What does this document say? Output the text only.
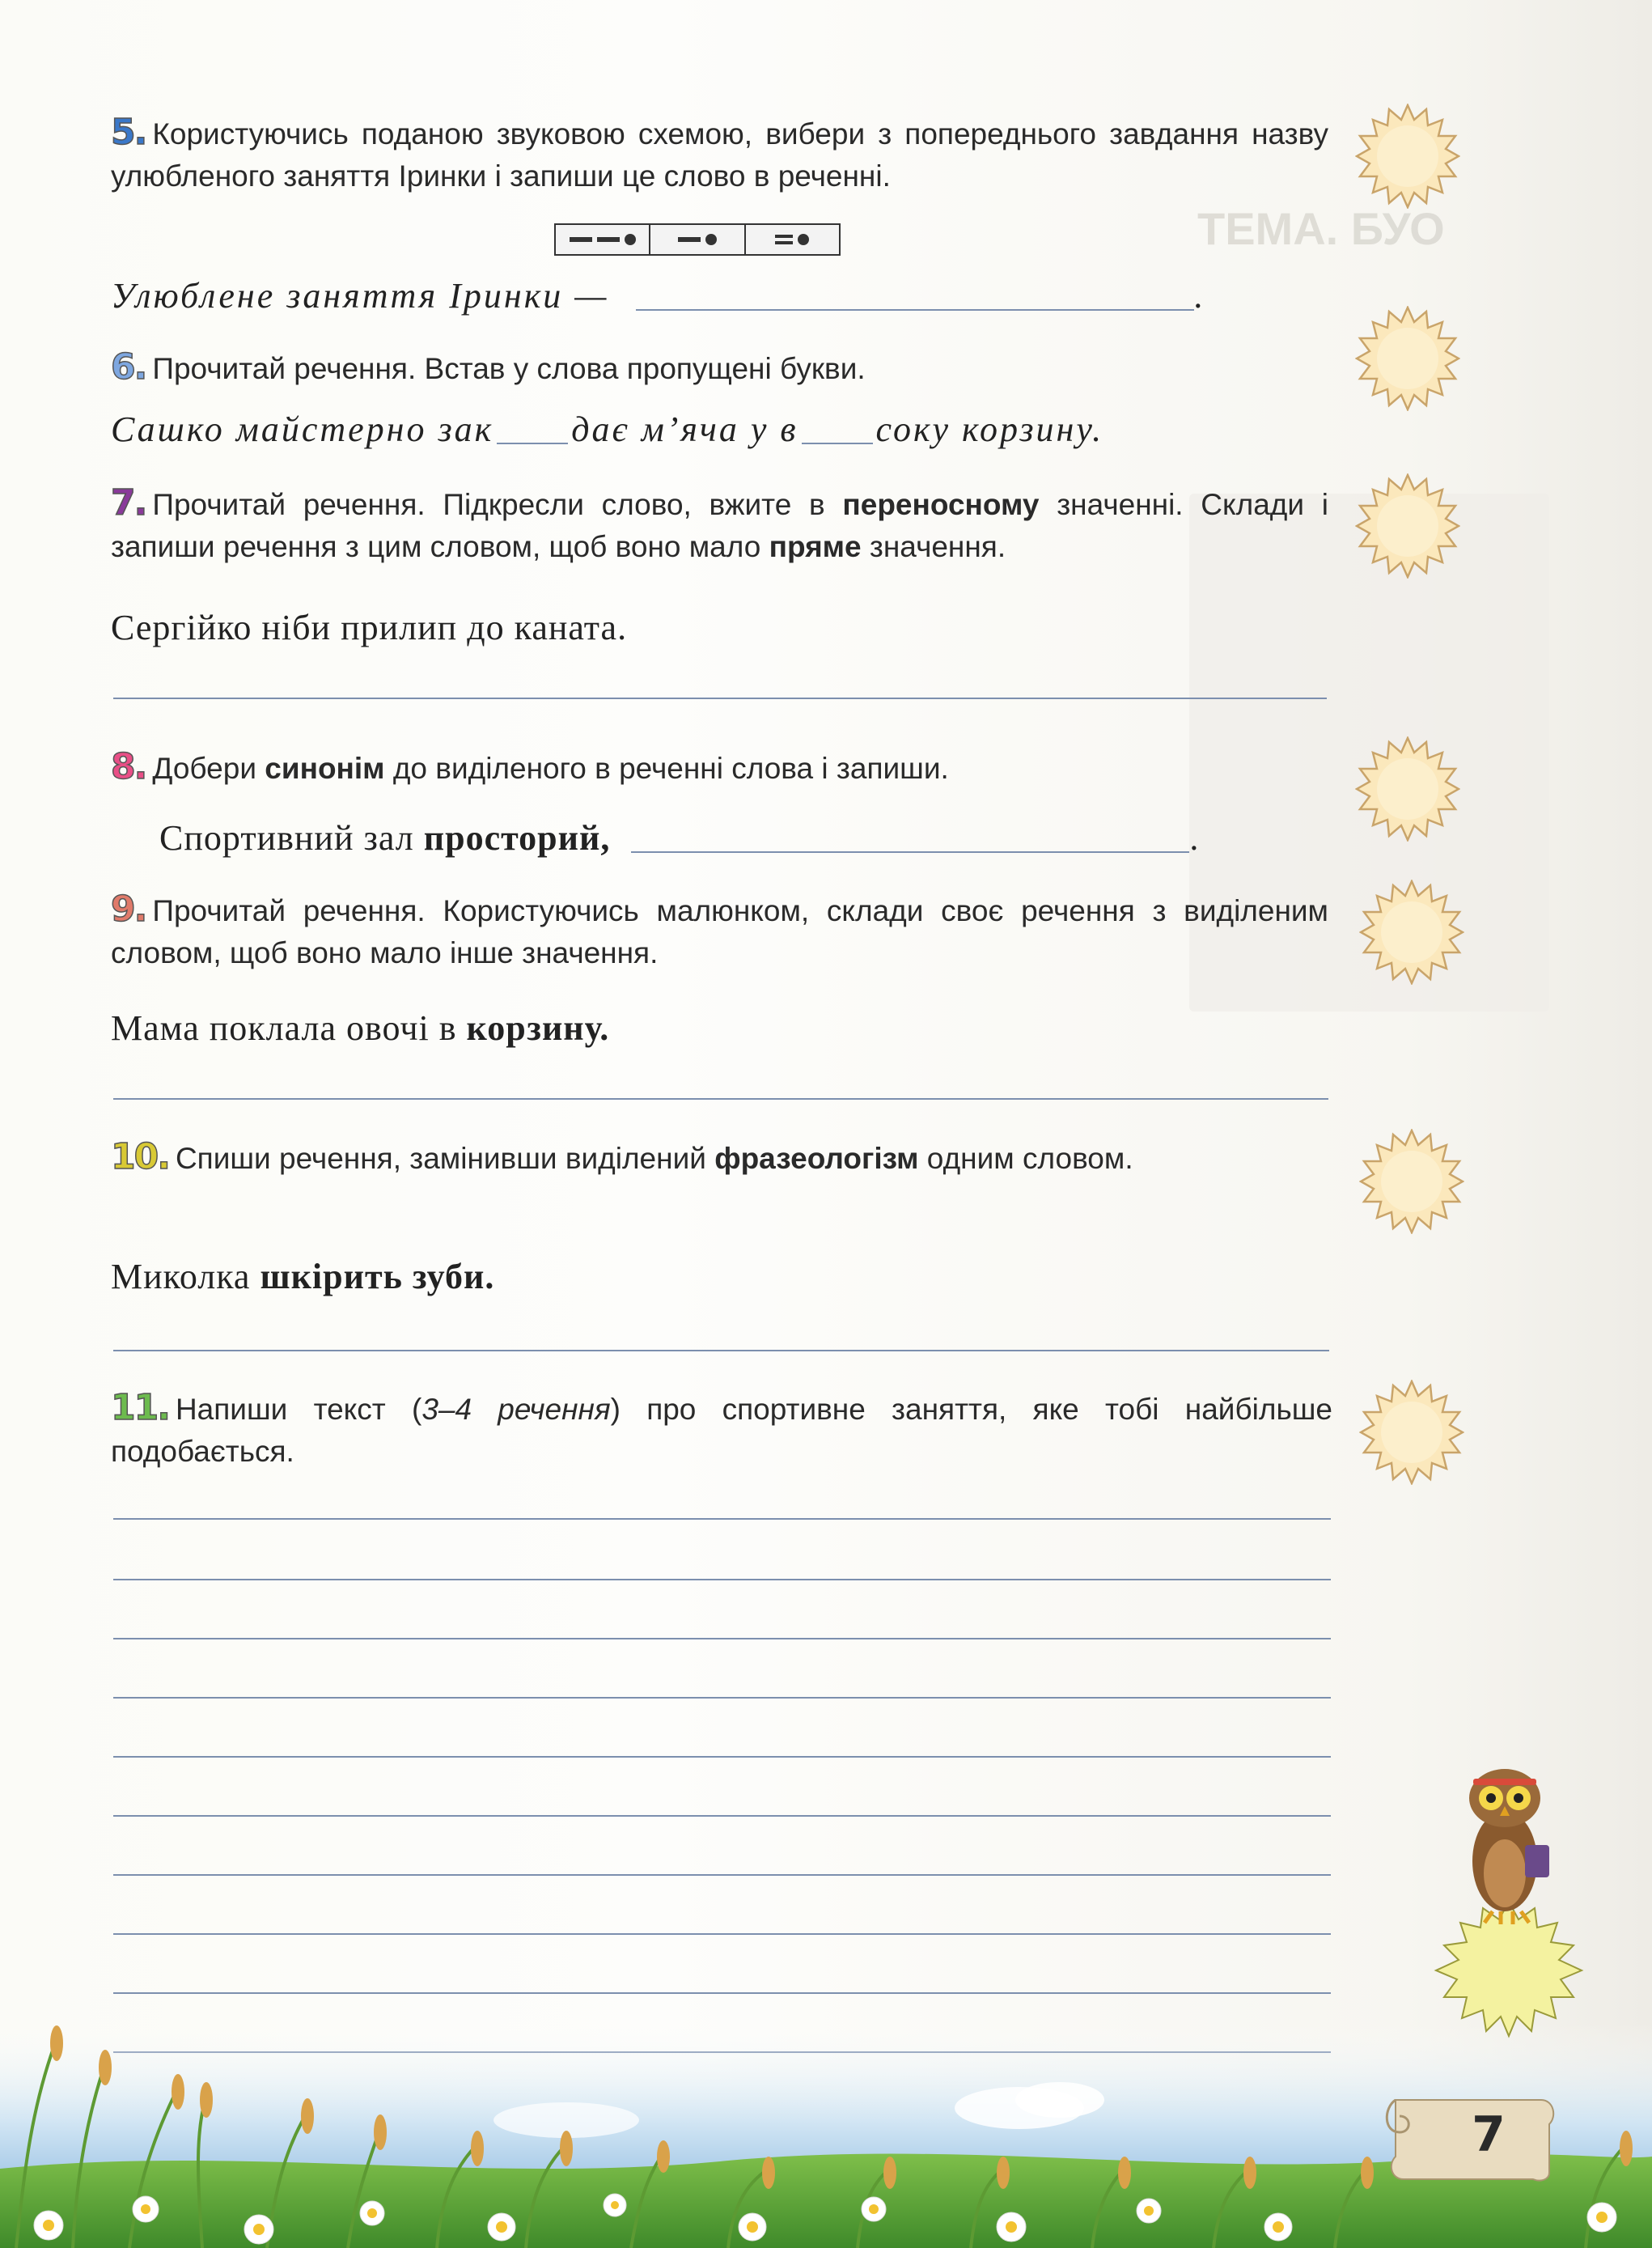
ТЕМА. БУО
5. Користуючись поданою звуковою схемою, вибери з попереднього завдання назву улюбленого заняття Іринки і запиши це слово в реченні.
Улюблене заняття Іринки —	.
6. Прочитай речення. Встав у слова пропущені букви.
Сашко майстерно зак дає м’яча у в соку корзину.
7. Прочитай речення. Підкресли слово, вжите в переносному значенні. Склади і запиши речення з цим словом, щоб воно мало пряме значення.
Сергійко ніби прилип до каната.
8. Добери синонім до виділеного в реченні слова і запиши.
Спортивний зал просторий,	.
9. Прочитай речення. Користуючись малюнком, склади своє речення з виділеним словом, щоб воно мало інше значення.
Мама поклала овочі в корзину.
10. Спиши речення, замінивши виділений фразеологізм одним словом.
Миколка шкірить зуби.
11. Напиши текст (3–4 речення) про спортивне заняття, яке тобі найбільше подобається.
7
